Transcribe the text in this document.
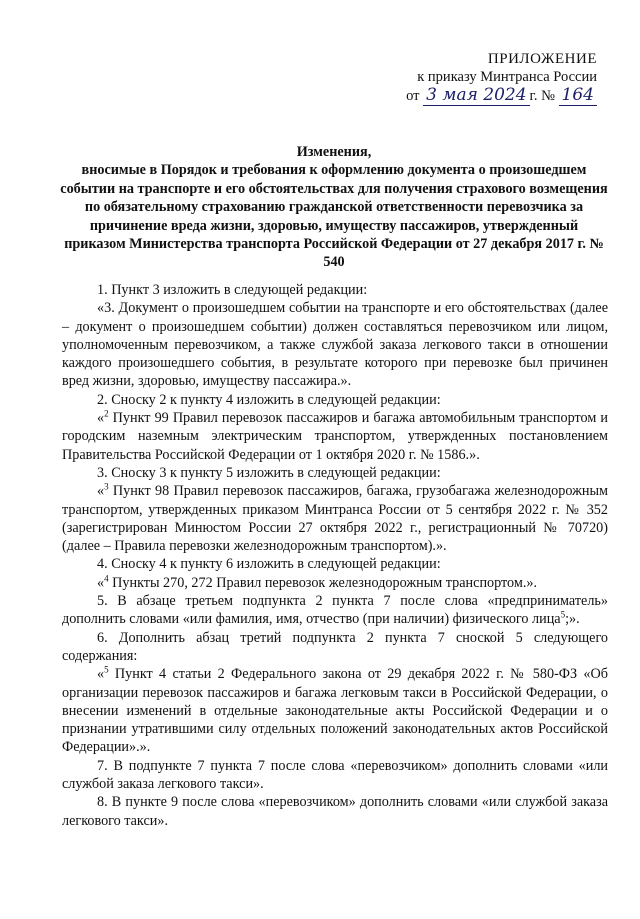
ПРИЛОЖЕНИЕ
к приказу Минтранса России
от 3 мая 2024 г. № 164
Изменения,
вносимые в Порядок и требования к оформлению документа о произошедшем событии на транспорте и его обстоятельствах для получения страхового возмещения по обязательному страхованию гражданской ответственности перевозчика за причинение вреда жизни, здоровью, имуществу пассажиров, утвержденный приказом Министерства транспорта Российской Федерации от 27 декабря 2017 г. № 540

1. Пункт 3 изложить в следующей редакции:

«3. Документ о произошедшем событии на транспорте и его обстоятельствах (далее – документ о произошедшем событии) должен составляться перевозчиком или лицом, уполномоченным перевозчиком, а также службой заказа легкового такси в отношении каждого произошедшего события, в результате которого при перевозке был причинен вред жизни, здоровью, имуществу пассажира.».

2. Сноску 2 к пункту 4 изложить в следующей редакции:

«$^2$ Пункт 99 Правил перевозок пассажиров и багажа автомобильным транспортом и городским наземным электрическим транспортом, утвержденных постановлением Правительства Российской Федерации от 1 октября 2020 г. № 1586.».

3. Сноску 3 к пункту 5 изложить в следующей редакции:

«$^3$ Пункт 98 Правил перевозок пассажиров, багажа, грузобагажа железнодорожным транспортом, утвержденных приказом Минтранса России от 5 сентября 2022 г. № 352 (зарегистрирован Минюстом России 27 октября 2022 г., регистрационный № 70720) (далее – Правила перевозки железнодорожным транспортом).».

4. Сноску 4 к пункту 6 изложить в следующей редакции:

«$^4$ Пункты 270, 272 Правил перевозок железнодорожным транспортом.».

5. В абзаце третьем подпункта 2 пункта 7 после слова «предприниматель» дополнить словами «или фамилия, имя, отчество (при наличии) физического лица$^5$;».

6. Дополнить абзац третий подпункта 2 пункта 7 сноской 5 следующего содержания:

«$^5$ Пункт 4 статьи 2 Федерального закона от 29 декабря 2022 г. № 580-ФЗ «Об организации перевозок пассажиров и багажа легковым такси в Российской Федерации, о внесении изменений в отдельные законодательные акты Российской Федерации и о признании утратившими силу отдельных положений законодательных актов Российской Федерации».».

7. В подпункте 7 пункта 7 после слова «перевозчиком» дополнить словами «или службой заказа легкового такси».

8. В пункте 9 после слова «перевозчиком» дополнить словами «или службой заказа легкового такси».
